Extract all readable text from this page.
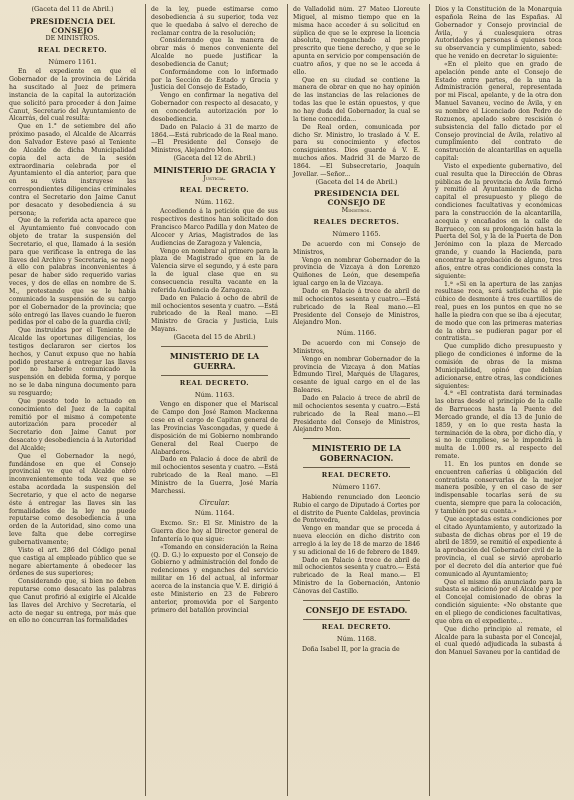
(Gaceta del 11 de Abril.)

PRESIDENCIA DEL CONSEJO

DE MINISTROS.

REAL DECRETO.

Número 1161.

En el expediente en que el Gobernador de la provincia de Lérida ha suscitado al Juez de primera instancia de la capital la autorización que solicitó para proceder á don Jaime Canut, Secretario del Ayuntamiento de Alcarrás, del cual resulta:

Que en 1.° de setiembre del año próximo pasado, el Alcalde de Alcarrás don Salvador Esteve pasó al Teniente de Alcalde de dicha Municipalidad copia del acta de la sesión extraordinaria celebrada por el Ayuntamiento el día anterior, para que en su vista instruyese las correspondientes diligencias criminales contra el Secretario don Jaime Canut por desacato y desobediencia á su persona;

Que de la referida acta aparece que el Ayuntamiento fué convocado con objeto de tratar la suspensión del Secretario, el que, llamado á la sesión para que verificase la entrega de las llaves del Archivo y Secretaría, se negó á ello con palabras inconvenientes á pesar de haber sido requerido varias veces, y dos de ellas en nombre de S. M., protestando que se le había comunicado la suspensión de su cargo por el Gobernador de la provincia; que sólo entregó las llaves cuando le fueron pedidas por el cabo de la guardia civil;

Que instruidas por el Teniente de Alcalde las oportunas diligencias, los testigos declararon ser ciertos los hechos, y Canut expuso que no había podido prestarse á entregar las llaves por no haberle comunicado la suspensión en debida forma, y porque no se le daba ninguna documento para su resguardo;

Que puesto todo lo actuado en conocimiento del Juez de la capital remitió por el mismo á competente autorización para proceder al Secretario don Jaime Canut por desacato y desobediencia á la Autoridad del Alcalde;

Que el Gobernador la negó, fundándose en que el Consejo provincial ve que el Alcalde obró inconvenientemente toda vez que se estaba acordada la suspensión del Secretario, y que el acto de negarse éste á entregar las llaves sin las formalidades de la ley no puede reputarse como desobediencia á una orden de la Autoridad, sino como una leve falta que debe corregirse gubernativamente;

Visto el art. 286 del Código penal que castiga al empleado público que se negare abiertamente á obedecer las órdenes de sus superiores;

Considerando que, si bien no deben reputarse como desacato las palabras que Canut profirió al exigirle el Alcalde las llaves del Archivo y Secretaría, el acto de negar su entrega, por más que en ello no concurran las formalidades

de la ley, puede estimarse como desobediencia á su superior, toda vez que le quedaba á salvo el derecho de reclamar contra de la resolución;

Considerando que la manera de obrar más ó menos conveniente del Alcalde no puede justificar la desobediencia de Canut;

Conformándome con lo informado por la Sección de Estado y Gracia y Justicia del Consejo de Estado,

Vengo en confirmar la negativa del Gobernador con respecto al desacato, y en concederla autorización por lo desobediencia.

Dado en Palacio á 31 de marzo de 1864.—Está rubricado de la Real mano.—El Presidente del Consejo de Ministros, Alejandro Mon.

(Gaceta del 12 de Abril.)

MINISTERIO DE GRACIA Y

Justicia.

REAL DECRETO.

Núm. 1162.

Accediendo á la petición que de sus respectivos destinos han solicitado don Francisco Marco Padilla y don Mateo de Alcocer y Arias, Magistrados de las Audiencias de Zaragoza y Valencia,

Vengo en nombrar al primero para la plaza de Magistrado que en la de Valencia sirve el segundo, y á este para la de igual clase que en su consecuencia resulta vacante en la referida Audiencia de Zaragoza.

Dado en Palacio á ocho de abril de mil ochocientos sesenta y cuatro. —Está rubricado de la Real mano. —El Ministro de Gracia y Justicia, Luis Mayans.

(Gaceta del 15 de Abril.)

MINISTERIO DE LA GUERRA.

REAL DECRETO.

Núm. 1163.

Vengo en disponer que el Mariscal de Campo don José Ramon Mackenna cese en el cargo de Capitan general de las Provincias Vascongadas, y quede á disposición de mi Gobierno nombrando General del Real Cuerpo de Alabarderos.

Dado en Palacio á doce de abril de mil ochocientos sesenta y cuatro. —Está rubricado de la Real mano. —El Ministro de la Guerra, José María Marchessi.

Circular.

Núm. 1164.

Excmo. Sr.: El Sr. Ministro de la Guerra dice hoy al Director general de Infantería lo que sigue:

«Tomando en consideración la Reina (Q. D. G.) lo expuesto por el Consejo de Gobierno y administración del fondo de redenciones y enganches del servicio militar en 16 del actual, al informar acerca de la instancia que V. E. dirigió á este Ministerio en 23 de Febrero anterior, promovida por el Sargento primero del batallón provincial

de Valladolid núm. 27 Mateo Lloreute Miguel, al mismo tiempo que en la misma hace acceder á su solicitud en súplica de que se le exprese la licencia absoluta, reenganchado al propio prescrito que tiene derecho, y que se le apunta en servicio por compensación de cuatro años, y que no se le acceda á ello.

Que en su ciudad se contiene la manera de obrar en que no hay opinión de las instancias de las relaciones de todas las que le están opuestos, y que no hay duda del Gobernador, la cual se la tiene concedida...

De Real orden, comunicada por dicho Sr. Ministro, lo traslado á V. E. para su conocimiento y efectos consiguientes. Dios guarde á V. E. muchos años. Madrid 31 de Marzo de 1864. —El Subsecretario, Joaquín Jovellar. —Señor...

(Gaceta del 14 de Abril.)

PRESIDENCIA DEL CONSEJO DE

Ministros.

REALES DECRETOS.

Número 1165.

De acuerdo con mi Consejo de Ministros,

Vengo en nombrar Gobernador de la provincia de Vizcaya á don Lorenzo Quiñones de León, que desempeña igual cargo en la de Vizcaya.

Dado en Palacio á trece de abril de mil ochocientos sesenta y cuatro.—Está rubricado de la Real mano.—El Presidente del Consejo de Ministros, Alejandro Mon.

Núm. 1166.

De acuerdo con mi Consejo de Ministros,

Vengo en nombrar Gobernador de la provincia de Vizcaya á don Matías Edmundo Tirel, Marqués de Ulagares, cesante de igual cargo en el de las Baleares.

Dado en Palacio á trece de abril de mil ochocientos sesenta y cuatro.—Está rubricado de la Real mano.—El Presidente del Consejo de Ministros, Alejandro Mon.

MINISTERIO DE LA GOBERNACION.

REAL DECRETO.

Número 1167.

Habiendo renunciado don Leoncio Rubio el cargo de Diputado á Cortes por el distrito de Puente Caldelas, provincia de Pontevedra,

Vengo en mandar que se proceda á nueva elección en dicho distrito con arreglo á la ley de 18 de marzo de 1846 y su adicional de 16 de febrero de 1849.

Dado en Palacio á trece de abril de mil ochocientos sesenta y cuatro.— Está rubricado de la Real mano.— El Ministro de la Gobernación, Antonio Cánovas del Castillo.

CONSEJO DE ESTADO.

REAL DECRETO.

Núm. 1168.

Doña Isabel II, por la gracia de

Dios y la Constitución de la Monarquía española Reina de las Españas. Al Gobernador y Consejo provincial de Ávila, y á cualesquiera otras Autoridades y personas á quienes toca su observancia y cumplimiento, sabed: que he venido en decretar lo siguiente:

«En el pleito que en grado de apelación pende ante el Consejo de Estado entre partes, de la una la Administración general, representada por mi Fiscal, apelante, y de la otra don Manuel Savaneu, vecino de Ávila, y en su nombre el Licenciado don Pedro de Rozuenos, apelado sobre rescisión ó subsistencia del fallo dictado por el Consejo provincial de Ávila, relativo al cumplimiento del contrato de construcción de alcantarillas en aquella capital:

Visto el expediente gubernativo, del cual resulta que la Dirección de Obras públicas de la provincia de Ávila formó y remitió al Ayuntamiento de dicha capital el presupuesto y pliego de condiciones facultativas y económicas para la construcción de la alcantarilla, acequia y encañados en la calle de Barrueco, con su prolongación hasta la Puerta del Sol, y la de la Puerta de Don Jerónimo con la plaza de Mercado grande, y cuando la Hacienda, para encontrar la aprobación de alguno, tres años, entre otras condiciones consta la siguiente:

1.ª «Si en la apertura de las zanjas resultase roca, será satisfecha el pie cúbico de desmonte á tres cuartillos de real, pues en los puntos en que no se halle la piedra con que se iba á ejecutar, de modo que con las primeras materias de la obra se pudieran pagar por el contratista...

Que cumplido dicho presupuesto y pliego de condiciones é informe de la comisión de obras de la misma Municipalidad, opinó que debían adicionarse, entre otras, las condiciones siguientes:

4.ª «El contratista dará terminadas las obras desde el principio de la calle de Barruecos hasta la Puente del Mercado grande, el día 13 de Junio de 1859, y en lo que resta hasta la terminación de la obra, por dicho día, y si no le cumpliese, se le impondrá la multa de 1.000 rs. al respecto del remate.

11. En los puntos en donde se encuentren cañerías ú obligación del contratista conservarlas de la mejor manera posible, y en el caso de ser indispensable tocarlas será de su cuenta, siempre que para la colocación, y también por su cuenta.»

Que aceptadas estas condiciones por el citado Ayuntamiento, y autorizado la subasta de dichas obras por el 19 de abril de 1859, se remitió el expediente á la aprobación del Gobernador civil de la provincia, el cual se sirvió aprobarlo por el decreto del día anterior que fué comunicado al Ayuntamiento;

Que el mismo día anunciado para la subasta se adicionó por el Alcalde y por el Concejal comisionado de obras la condición siguiente: «No obstante que en el pliego de condiciones facultativas, que obra en el expediente...

Que dicho principio al remate, el Alcalde para la subasta por el Concejal, el cual quedó adjudicada la subasta á don Manuel Savaneu por la cantidad de
